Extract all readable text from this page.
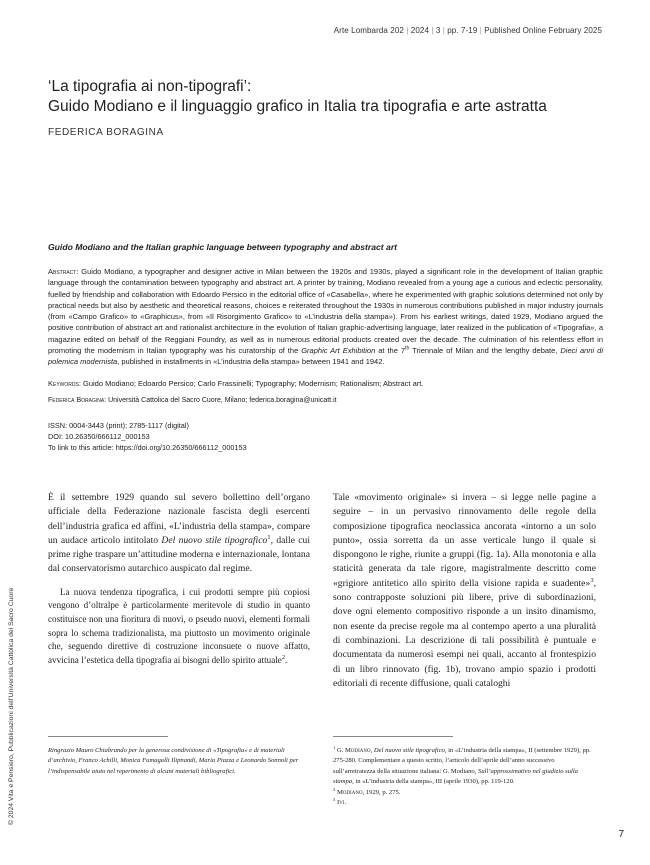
Arte Lombarda 202 | 2024 | 3 | pp. 7-19 | Published Online February 2025
‘La tipografia ai non-tipografi’:
Guido Modiano e il linguaggio grafico in Italia tra tipografia e arte astratta
FEDERICA BORAGINA
Guido Modiano and the Italian graphic language between typography and abstract art
Abstract: Guido Modiano, a typographer and designer active in Milan between the 1920s and 1930s, played a significant role in the development of Italian graphic language through the contamination between typography and abstract art. A printer by training, Modiano revealed from a young age a curious and eclectic personality, fuelled by friendship and collaboration with Edoardo Persico in the editorial office of «Casabella», where he experimented with graphic solutions determined not only by practical needs but also by aesthetic and theoretical reasons, choices e reiterated throughout the 1930s in numerous contributions published in major industry journals (from «Campo Grafico» to «Graphicus», from «Il Risorgimento Grafico» to «L’industria della stampa»). From his earliest writings, dated 1929, Modiano argued the positive contribution of abstract art and rationalist architecture in the evolution of Italian graphic-advertising language, later realized in the publication of «Tipografia», a magazine edited on behalf of the Reggiani Foundry, as well as in numerous editorial products created over the decade. The culmination of his relentless effort in promoting the modernism in Italian typography was his curatorship of the Graphic Art Exhibition at the 7th Triennale of Milan and the lengthy debate, Dieci anni di polemica modernista, published in installments in «L’industria della stampa» between 1941 and 1942.
Keywords: Guido Modiano; Edoardo Persico; Carlo Frassinelli; Typography; Modernism; Rationalism; Abstract art.
Federica Boragina: Università Cattolica del Sacro Cuore, Milano; federica.boragina@unicatt.it
ISSN: 0004-3443 (print); 2785-1117 (digital)
DOI: 10.26350/666112_000153
To link to this article: https://doi.org/10.26350/666112_000153

È il settembre 1929 quando sul severo bollettino dell’organo ufficiale della Federazione nazionale fascista degli esercenti dell’industria grafica ed affini, «L’industria della stampa», compare un audace articolo intitolato Del nuovo stile tipografico$^1$, dalle cui prime righe traspare un’attitudine moderna e internazionale, lontana dal conservatorismo autarchico auspicato dal regime.

La nuova tendenza tipografica, i cui prodotti sempre più copiosi vengono d’oltralpe è particolarmente meritevole di studio in quanto costituisce non una fioritura di nuovi, o pseudo nuovi, elementi formali sopra lo schema tradizionalista, ma piuttosto un movimento originale che, seguendo direttive di costruzione inconsuete o nuove affatto, avvicina l’estetica della tipografia ai bisogni dello spirito attuale$^2$.

Tale «movimento originale» si invera – si legge nelle pagine a seguire – in un pervasivo rinnovamento delle regole della composizione tipografica neoclassica ancorata «intorno a un solo punto», ossia sorretta da un asse verticale lungo il quale si dispongono le righe, riunite a gruppi (fig. 1a). Alla monotonia e alla staticità generata da tale rigore, magistralmente descritto come «grigiore antitetico allo spirito della visione rapida e suadente»$^3$, sono contrapposte soluzioni più libere, prive di subordinazioni, dove ogni elemento compositivo risponde a un insito dinamismo, non esente da precise regole ma al contempo aperto a una pluralità di combinazioni. La descrizione di tali possibilità è puntuale e documentata da numerosi esempi nei quali, accanto al frontespizio di un libro rinnovato (fig. 1b), trovano ampio spazio i prodotti editoriali di recente diffusione, quali cataloghi

Ringrazio Mauro Chiabrando per la generosa condivisione di «Tipografia» e di materiali d’archivio, Franco Achilli, Monica Fumagalli Ilipnandi, Maria Piazza e Leonardo Sonnoli per l’indispensabile aiuto nel reperimento di alcuni materiali bibliografici.

$^1$ G. Modiano, Del nuovo stile tipografico, in «L’industria della stampa», II (settembre 1929), pp. 275-280. Complementare a questo scritto, l’articolo dell’aprile dell’anno successivo sull’arretratezza della situazione italiana: G. Modiano, Sull’approssimativo nel giudizio sulla stampa, in «L’industria della stampa», III (aprile 1930), pp. 119-120.

$^2$ Modiano, 1929, p. 275.

$^3$ Ivi.

© 2024 Vita e Pensiero, Pubblicazioni dell’Università Cattolica del Sacro Cuore
7
